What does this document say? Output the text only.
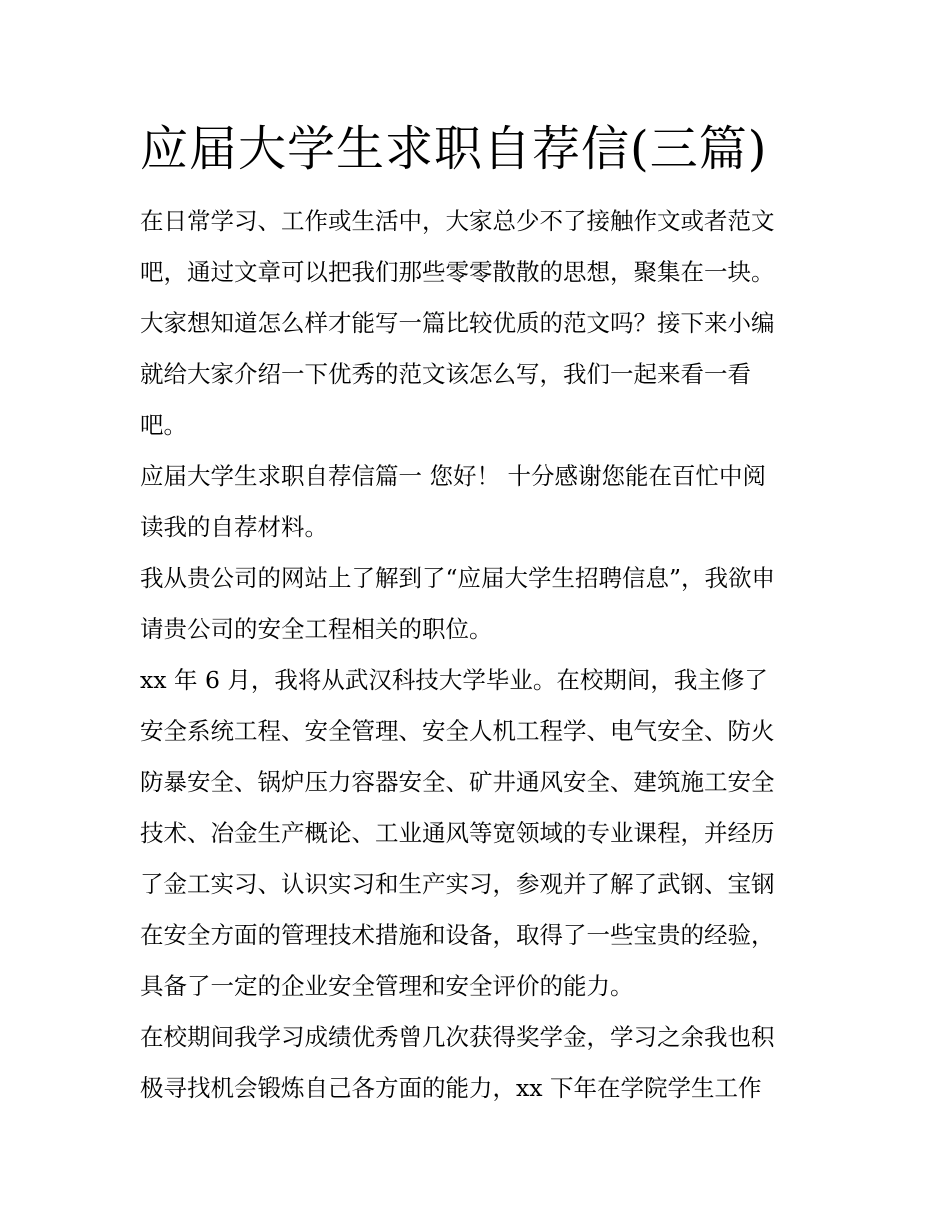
应届大学生求职自荐信(三篇)
在日常学习、工作或生活中，大家总少不了接触作文或者范文
吧，通过文章可以把我们那些零零散散的思想，聚集在一块。
大家想知道怎么样才能写一篇比较优质的范文吗？接下来小编
就给大家介绍一下优秀的范文该怎么写，我们一起来看一看
吧。
应届大学生求职自荐信篇一 您好！ 十分感谢您能在百忙中阅
读我的自荐材料。
我从贵公司的网站上了解到了“应届大学生招聘信息”，我欲申
请贵公司的安全工程相关的职位。
xx 年 6 月，我将从武汉科技大学毕业。在校期间，我主修了
安全系统工程、安全管理、安全人机工程学、电气安全、防火
防暴安全、锅炉压力容器安全、矿井通风安全、建筑施工安全
技术、冶金生产概论、工业通风等宽领域的专业课程，并经历
了金工实习、认识实习和生产实习，参观并了解了武钢、宝钢
在安全方面的管理技术措施和设备，取得了一些宝贵的经验，
具备了一定的企业安全管理和安全评价的能力。
在校期间我学习成绩优秀曾几次获得奖学金，学习之余我也积
极寻找机会锻炼自己各方面的能力，xx 下年在学院学生工作
